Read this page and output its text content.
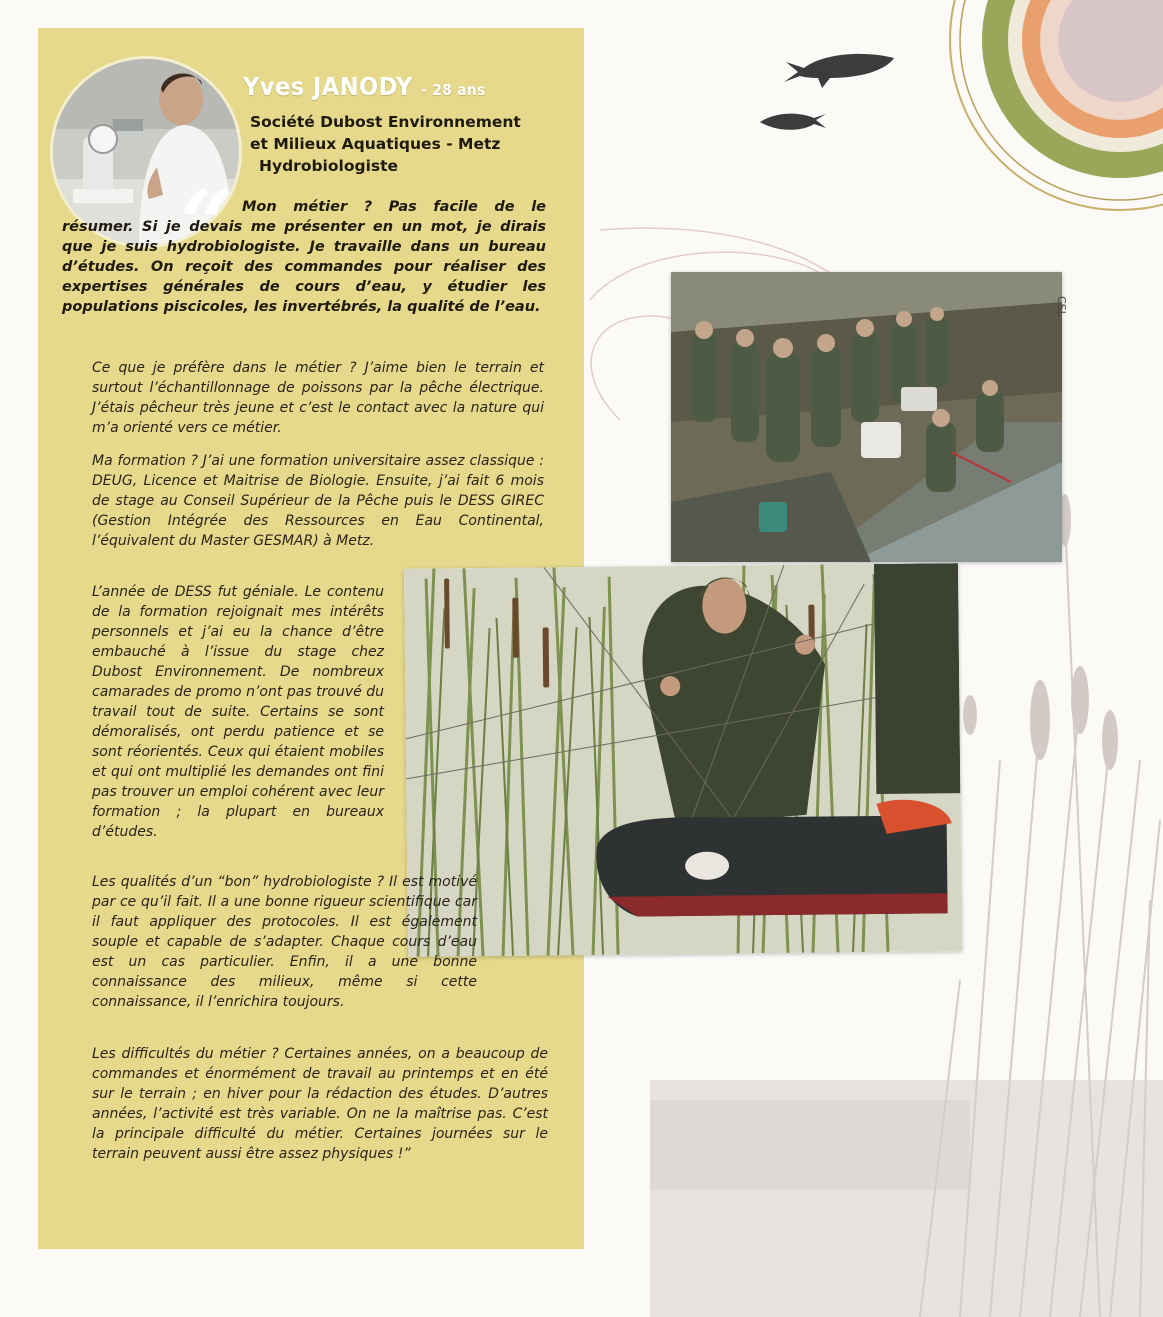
Yves JANODY - 28 ans
Société Dubost Environnement
et Milieux Aquatiques - Metz
Hydrobiologiste
“ Mon métier ? Pas facile de le résumer. Si je devais me présenter en un mot, je dirais que je suis hydrobiologiste. Je travaille dans un bureau d’études. On reçoit des commandes pour réaliser des expertises générales de cours d’eau, y étudier les populations piscicoles, les invertébrés, la qualité de l’eau.

Ce que je préfère dans le métier ? J’aime bien le terrain et surtout l’échantillonnage de poissons par la pêche électrique. J’étais pêcheur très jeune et c’est le contact avec la nature qui m’a orienté vers ce métier.

Ma formation ? J’ai une formation universitaire assez classique : DEUG, Licence et Maitrise de Biologie. Ensuite, j’ai fait 6 mois de stage au Conseil Supérieur de la Pêche puis le DESS GIREC (Gestion Intégrée des Ressources en Eau Continental, l’équivalent du Master GESMAR) à Metz.

L’année de DESS fut géniale. Le contenu de la formation rejoignait mes intérêts personnels et j’ai eu la chance d’être embauché à l’issue du stage chez Dubost Environnement. De nombreux camarades de promo n’ont pas trouvé du travail tout de suite. Certains se sont démoralisés, ont perdu patience et se sont réorientés. Ceux qui étaient mobiles et qui ont multiplié les demandes ont fini pas trouver un emploi cohérent avec leur formation ; la plupart en bureaux d’études.

Les qualités d’un “bon” hydrobiologiste ? Il est motivé par ce qu’il fait. Il a une bonne rigueur scientifique car il faut appliquer des protocoles. Il est également souple et capable de s’adapter. Chaque cours d’eau est un cas particulier. Enfin, il a une bonne connaissance des milieux, même si cette connaissance, il l’enrichira toujours.

Les difficultés du métier ? Certaines années, on a beaucoup de commandes et énormément de travail au printemps et en été sur le terrain ; en hiver pour la rédaction des études. D’autres années, l’activité est très variable. On ne la maîtrise pas. C’est la principale difficulté du métier. Certaines journées sur le terrain peuvent aussi être assez physiques !”

CSL
